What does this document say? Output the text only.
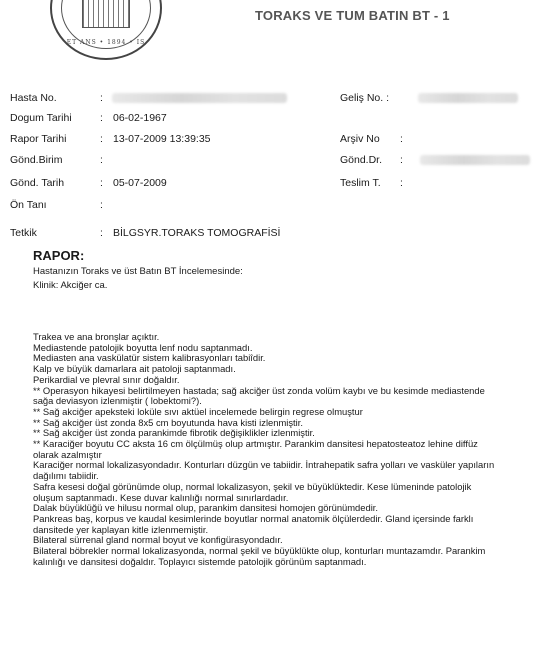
ET ANS • 1894 • IS
TORAKS VE TUM BATIN BT - 1
Hasta No.	:	Geliş No. :
Dogum Tarihi	: 06-02-1967
Rapor Tarihi	: 13-07-2009 13:39:35	Arşiv No :
Gönd.Birim	:	Gönd.Dr. :
Gönd. Tarih	: 05-07-2009	Teslim T. :
Ön Tanı	:
Tetkik	: BİLGSYR.TORAKS TOMOGRAFİSİ
RAPOR:
Hastanızın Toraks ve üst Batın BT İncelemesinde:
Klinik: Akciğer ca.

Trakea ve ana bronşlar açıktır.

Mediastende patolojik boyutta lenf nodu saptanmadı.

Mediasten ana vaskülatür sistem kalibrasyonları tabiîdir.

Kalp ve büyük damarlara ait patoloji saptanmadı.

Perikardial ve plevral sınır doğaldır.

** Operasyon hikayesi belirtilmeyen hastada; sağ akciğer üst zonda volüm kaybı ve bu kesimde mediastende

sağa deviasyon izlenmiştir ( lobektomi?).

** Sağ akciğer apeksteki loküle sıvı aktüel incelemede belirgin regrese olmuştur

** Sağ akciğer üst zonda 8x5 cm boyutunda hava kisti izlenmiştir.

** Sağ akciğer üst zonda parankimde fibrotik değişiklikler izlenmiştir.

** Karaciğer boyutu CC aksta 16 cm ölçülmüş olup artmıştır. Parankim dansitesi hepatosteatoz lehine diffüz

olarak azalmıştır

Karaciğer normal lokalizasyondadır. Konturları düzgün ve tabiidir. İntrahepatik safra yolları ve vasküler yapıların

dağılımı tabiidir.

Safra kesesi doğal görünümde olup, normal lokalizasyon, şekil ve büyüklüktedir. Kese lümeninde patolojik

oluşum saptanmadı. Kese duvar kalınlığı normal sınırlardadır.

Dalak büyüklüğü ve hilusu normal olup, parankim dansitesi homojen görünümdedir.

Pankreas baş, korpus ve kaudal kesimlerinde boyutlar normal anatomik ölçülerdedir. Gland içersinde farklı

dansitede yer kaplayan kitle izlenmemiştir.

Bilateral sürrenal gland normal boyut ve konfigürasyondadır.

Bilateral böbrekler normal lokalizasyonda, normal şekil ve büyüklükte olup, konturları muntazamdır. Parankim

kalınlığı ve dansitesi doğaldır. Toplayıcı sistemde patolojik görünüm saptanmadı.
